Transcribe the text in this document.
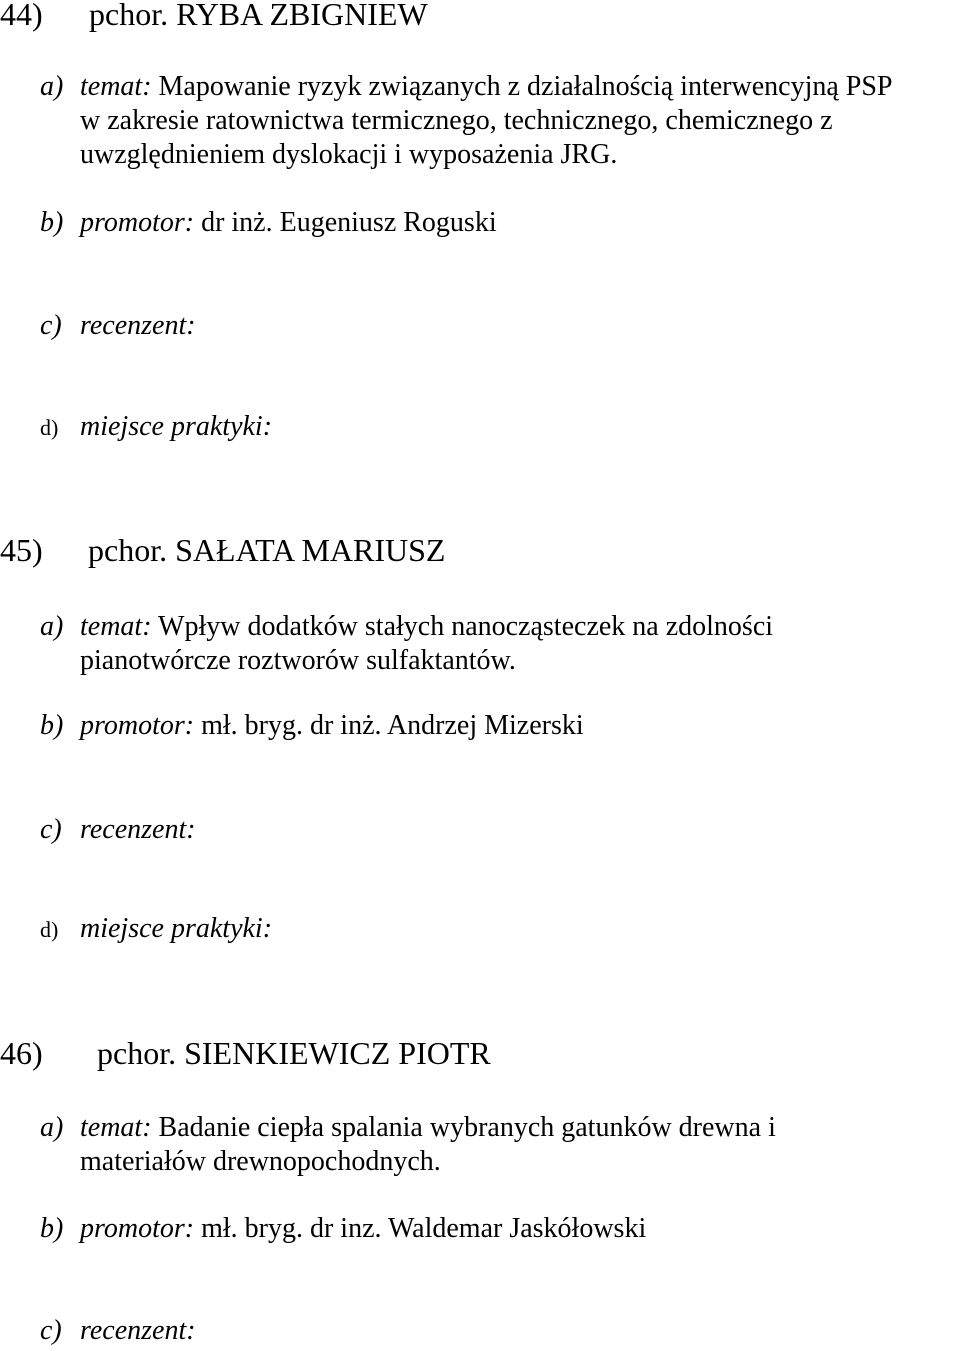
44) pchor. RYBA ZBIGNIEW
a) temat: Mapowanie ryzyk związanych z działalnością interwencyjną PSP
w zakresie ratownictwa termicznego, technicznego, chemicznego z
uwzględnieniem dyslokacji i wyposażenia JRG.
b) promotor: dr inż. Eugeniusz Roguski
c) recenzent:
d) miejsce praktyki:
45) pchor. SAŁATA MARIUSZ
a) temat: Wpływ dodatków stałych nanocząsteczek na zdolności
pianotwórcze roztworów sulfaktantów.
b) promotor: mł. bryg. dr inż. Andrzej Mizerski
c) recenzent:
d) miejsce praktyki:
46) pchor. SIENKIEWICZ PIOTR
a) temat: Badanie ciepła spalania wybranych gatunków drewna i
materiałów drewnopochodnych.
b) promotor: mł. bryg. dr inz. Waldemar Jaskółowski
c) recenzent:
